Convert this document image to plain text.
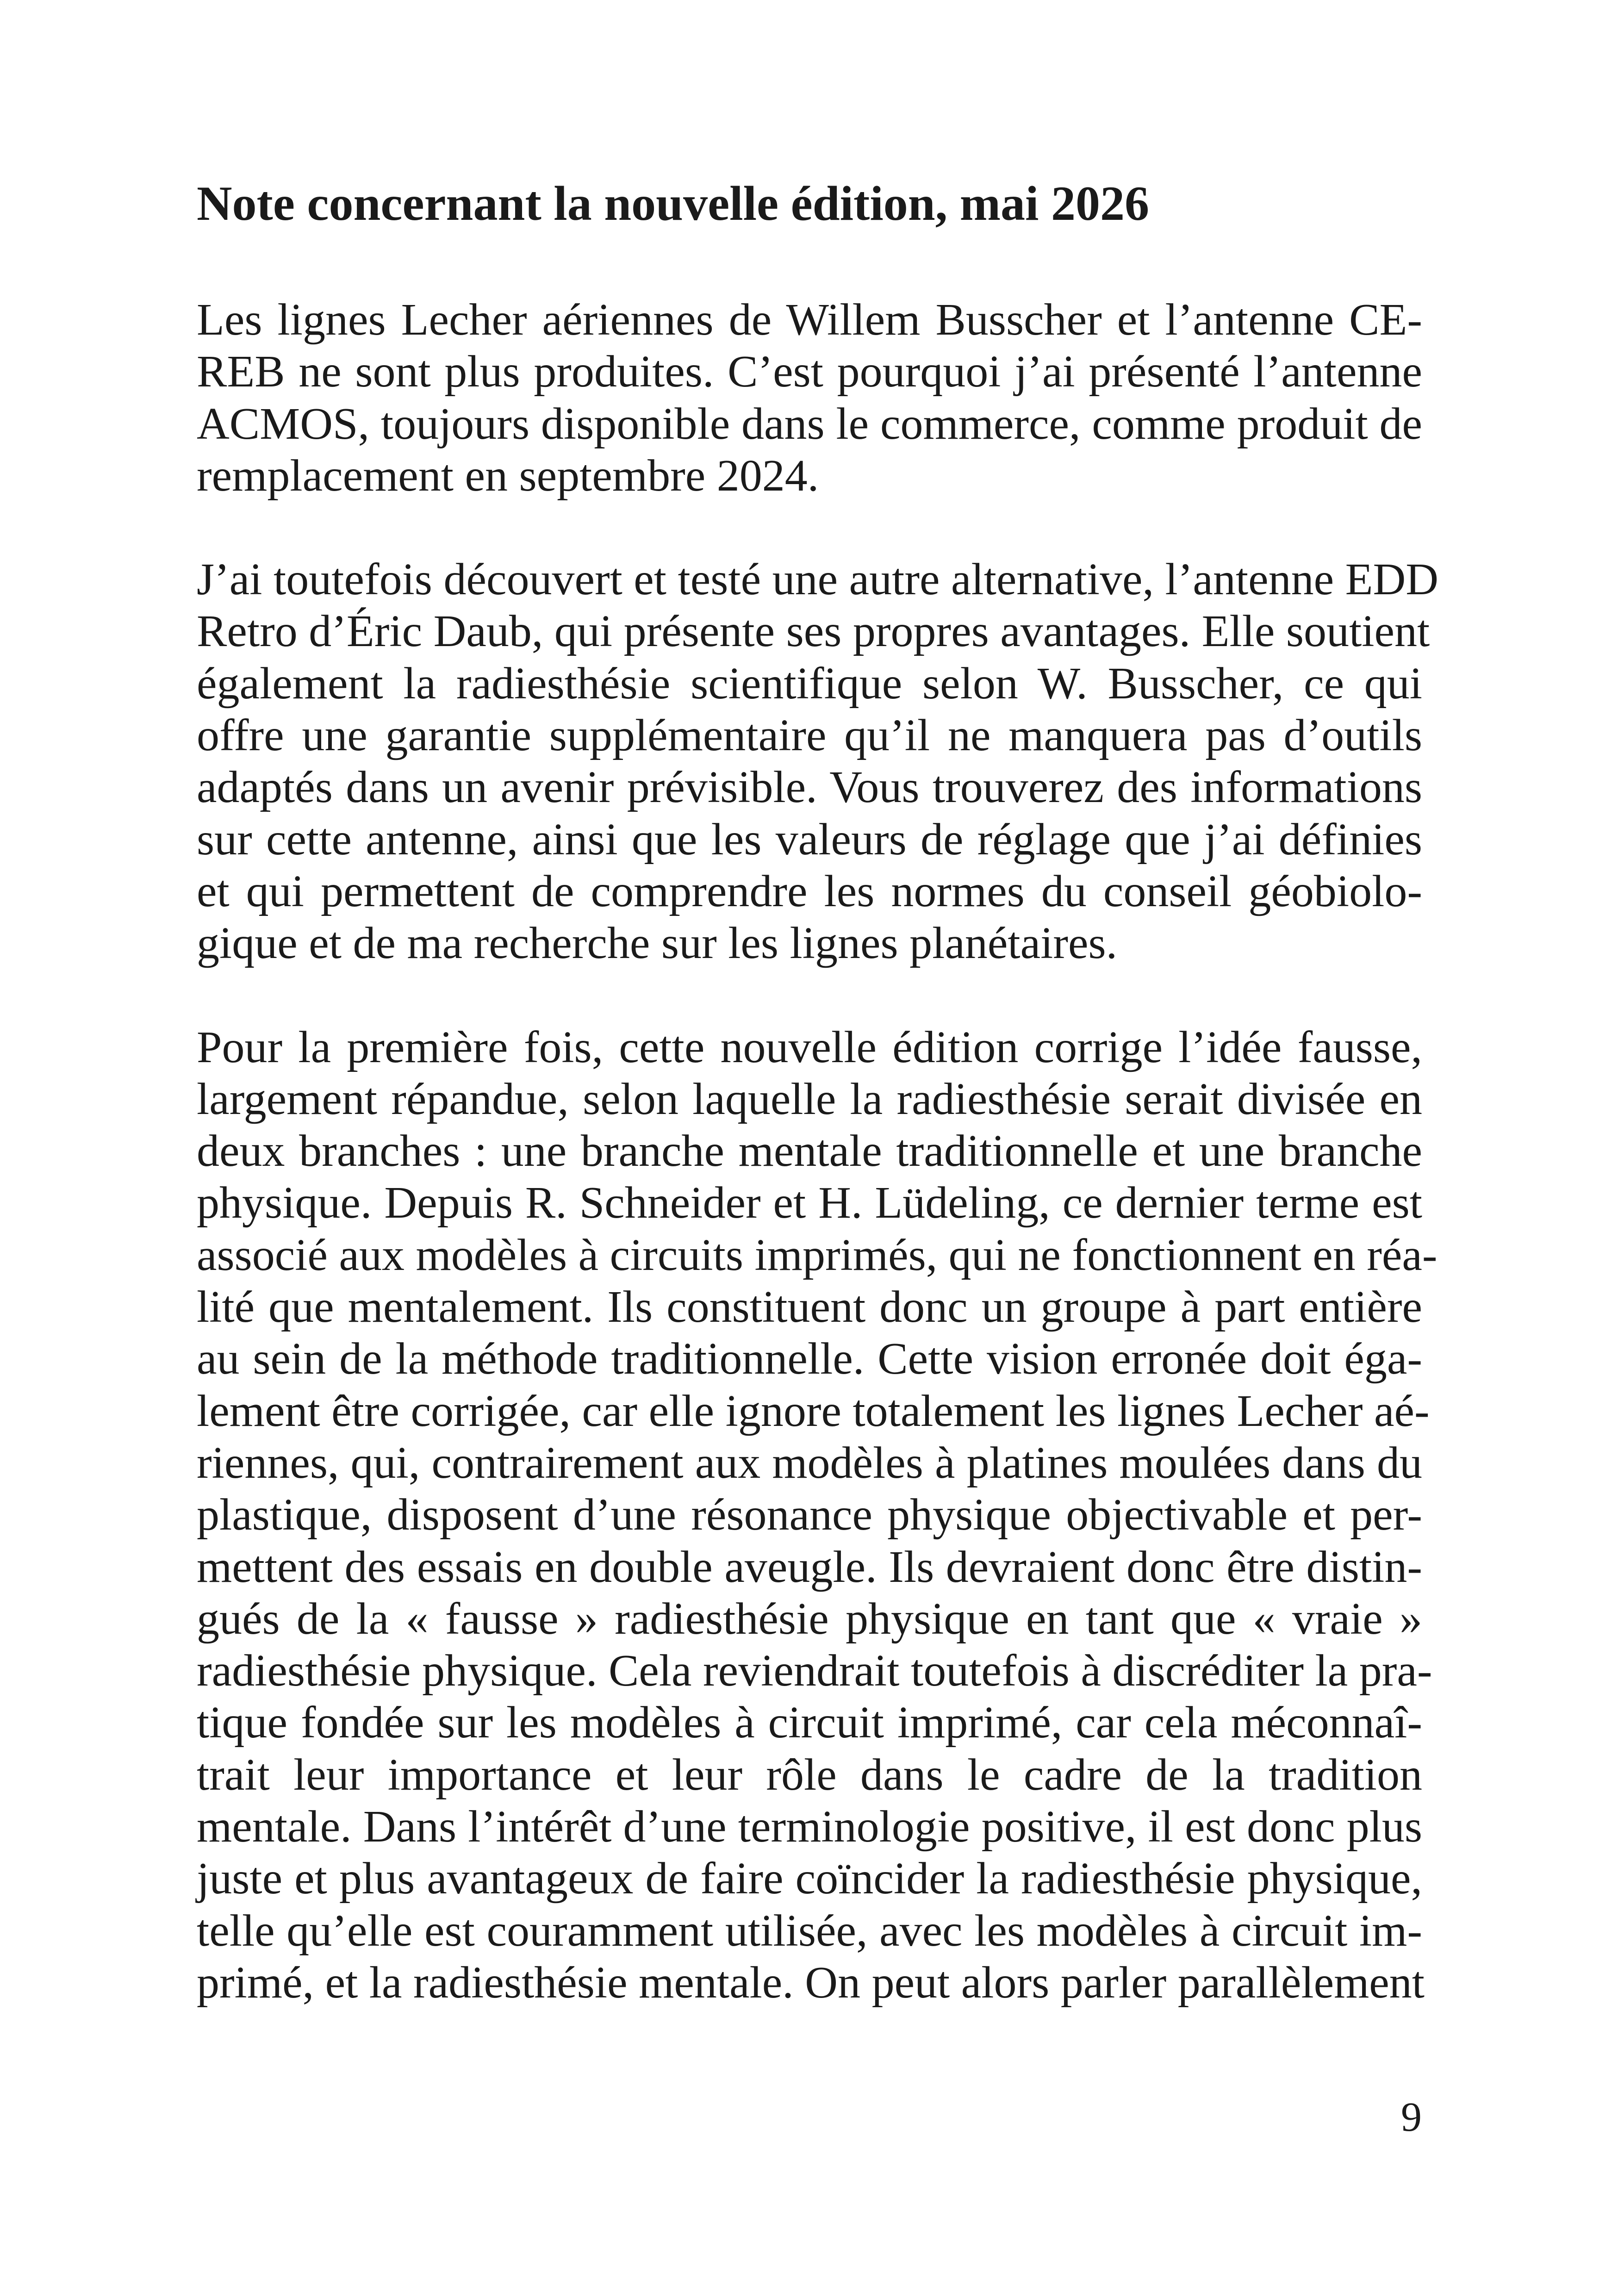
Note concernant la nouvelle édition, mai 2026

Les lignes Lecher aériennes de Willem Busscher et l’antenne CE-
REB ne sont plus produites. C’est pourquoi j’ai présenté l’antenne
ACMOS, toujours disponible dans le commerce, comme produit de
remplacement en septembre 2024.

J’ai toutefois découvert et testé une autre alternative, l’antenne EDD
Retro d’Éric Daub, qui présente ses propres avantages. Elle soutient
également la radiesthésie scientifique selon W. Busscher, ce qui
offre une garantie supplémentaire qu’il ne manquera pas d’outils
adaptés dans un avenir prévisible. Vous trouverez des informations
sur cette antenne, ainsi que les valeurs de réglage que j’ai définies
et qui permettent de comprendre les normes du conseil géobiolo-
gique et de ma recherche sur les lignes planétaires.

Pour la première fois, cette nouvelle édition corrige l’idée fausse,
largement répandue, selon laquelle la radiesthésie serait divisée en
deux branches : une branche mentale traditionnelle et une branche
physique. Depuis R. Schneider et H. Lüdeling, ce dernier terme est
associé aux modèles à circuits imprimés, qui ne fonctionnent en réa-
lité que mentalement. Ils constituent donc un groupe à part entière
au sein de la méthode traditionnelle. Cette vision erronée doit éga-
lement être corrigée, car elle ignore totalement les lignes Lecher aé-
riennes, qui, contrairement aux modèles à platines moulées dans du
plastique, disposent d’une résonance physique objectivable et per-
mettent des essais en double aveugle. Ils devraient donc être distin-
gués de la « fausse » radiesthésie physique en tant que « vraie »
radiesthésie physique. Cela reviendrait toutefois à discréditer la pra-
tique fondée sur les modèles à circuit imprimé, car cela méconnaî-
trait leur importance et leur rôle dans le cadre de la tradition
mentale. Dans l’intérêt d’une terminologie positive, il est donc plus
juste et plus avantageux de faire coïncider la radiesthésie physique,
telle qu’elle est couramment utilisée, avec les modèles à circuit im-
primé, et la radiesthésie mentale. On peut alors parler parallèlement

9
